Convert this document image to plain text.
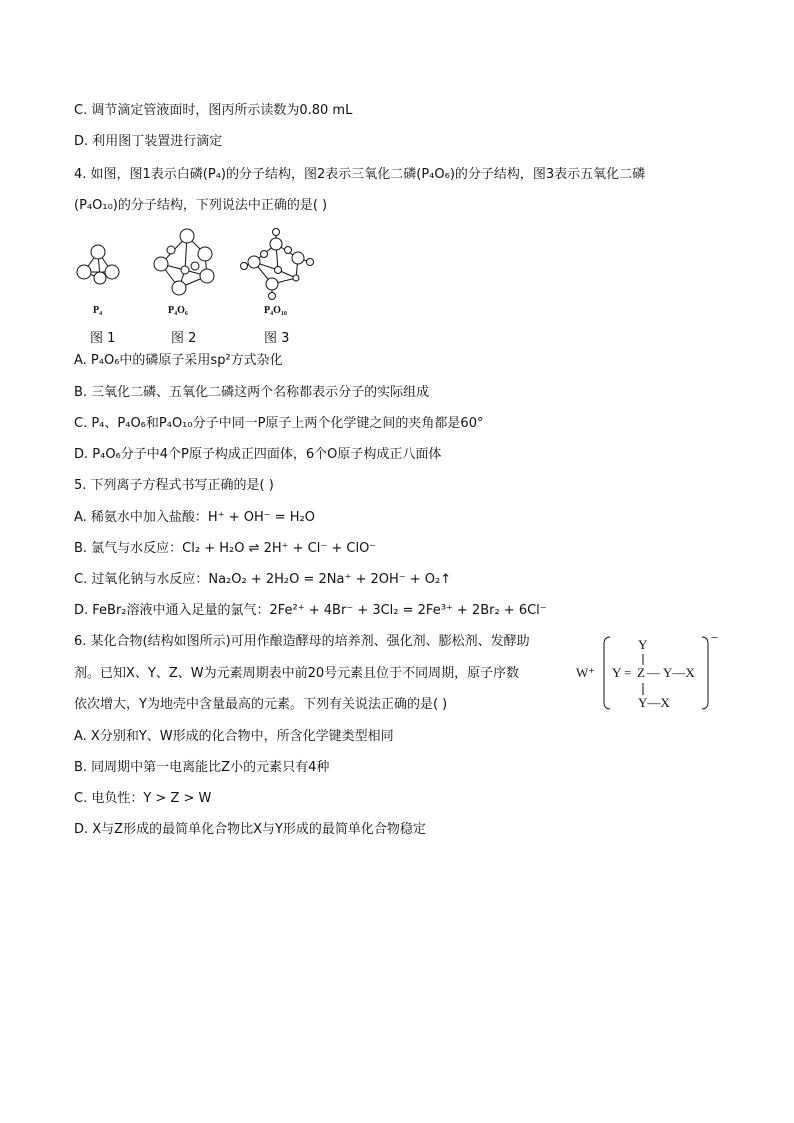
C. 调节滴定管液面时，图丙所示读数为0.80 mL
D. 利用图丁装置进行滴定
4. 如图，图1表示白磷(P₄)的分子结构，图2表示三氧化二磷(P₄O₆)的分子结构，图3表示五氧化二磷
(P₄O₁₀)的分子结构，下列说法中正确的是( )
P₄	P₄O₆	P₄O₁₀
图 1	图 2	图 3
A. P₄O₆中的磷原子采用sp²方式杂化
B. 三氧化二磷、五氧化二磷这两个名称都表示分子的实际组成
C. P₄、P₄O₆和P₄O₁₀分子中同一P原子上两个化学键之间的夹角都是60°
D. P₄O₆分子中4个P原子构成正四面体，6个O原子构成正八面体
5. 下列离子方程式书写正确的是( )
A. 稀氨水中加入盐酸：H⁺ + OH⁻ = H₂O
B. 氯气与水反应：Cl₂ + H₂O ⇌ 2H⁺ + Cl⁻ + ClO⁻
C. 过氧化钠与水反应：Na₂O₂ + 2H₂O = 2Na⁺ + 2OH⁻ + O₂↑
D. FeBr₂溶液中通入足量的氯气：2Fe²⁺ + 4Br⁻ + 3Cl₂ = 2Fe³⁺ + 2Br₂ + 6Cl⁻
6. 某化合物(结构如图所示)可用作酿造酵母的培养剂、强化剂、膨松剂、发酵助
剂。已知X、Y、Z、W为元素周期表中前20号元素且位于不同周期，原子序数
依次增大，Y为地壳中含量最高的元素。下列有关说法正确的是( )
W⁺
−
Y
Y = Z — Y—X
Y—X
A. X分别和Y、W形成的化合物中，所含化学键类型相同
B. 同周期中第一电离能比Z小的元素只有4种
C. 电负性：Y > Z > W
D. X与Z形成的最简单化合物比X与Y形成的最简单化合物稳定
